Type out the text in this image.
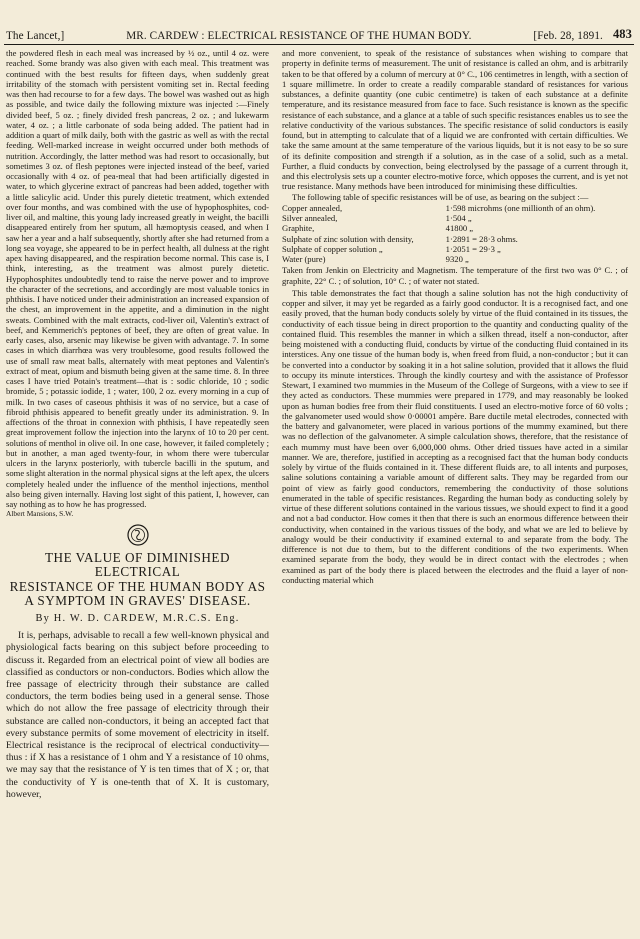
The Lancet,]	MR. CARDEW : ELECTRICAL RESISTANCE OF THE HUMAN BODY.	[Feb. 28, 1891. 483

the powdered flesh in each meal was increased by ½ oz., until 4 oz. were reached. Some brandy was also given with each meal. This treatment was continued with the best results for fifteen days, when suddenly great irritability of the stomach with persistent vomiting set in. Rectal feeding was then had recourse to for a few days. The bowel was washed out as high as possible, and twice daily the following mixture was injected :—Finely divided beef, 5 oz. ; finely divided fresh pancreas, 2 oz. ; and lukewarm water, 4 oz. ; a little carbonate of soda being added. The patient had in addition a quart of milk daily, both with the gastric as well as with the rectal feeding. Well-marked increase in weight occurred under both methods of nutrition. Accordingly, the latter method was had resort to occasionally, but sometimes 3 oz. of flesh peptones were injected instead of the beef, varied occasionally with 4 oz. of pea-meal that had been artificially digested in water, to which glycerine extract of pancreas had been added, together with a little salicylic acid. Under this purely dietetic treatment, which extended over four months, and was combined with the use of hypophosphites, cod-liver oil, and maltine, this young lady increased greatly in weight, the bacilli disappeared entirely from her sputum, all hæmoptysis ceased, and when I saw her a year and a half subsequently, shortly after she had returned from a long sea voyage, she appeared to be in perfect health, all dulness at the right apex having disappeared, and the respiration become normal. This case is, I think, interesting, as the treatment was almost purely dietetic. Hypophosphites undoubtedly tend to raise the nerve power and to improve the character of the secretions, and accordingly are most valuable tonics in phthisis. I have noticed under their administration an increased expansion of the chest, an improvement in the appetite, and a diminution in the night sweats. Combined with the malt extracts, cod-liver oil, Valentin's extract of beef, and Kemmerich's peptones of beef, they are often of great value. In early cases, also, arsenic may likewise be given with advantage. 7. In some cases in which diarrhœa was very troublesome, good results followed the use of small raw meat balls, alternately with meat peptones and Valentin's extract of meat, opium and bismuth being given at the same time. 8. In three cases I have tried Potain's treatment—that is : sodic chloride, 10 ; sodic bromide, 5 ; potassic iodide, 1 ; water, 100, 2 oz. every morning in a cup of milk. In two cases of caseous phthisis it was of no service, but a case of fibroid phthisis appeared to benefit greatly under its administration. 9. In affections of the throat in connexion with phthisis, I have repeatedly seen great improvement follow the injection into the larynx of 10 to 20 per cent. solutions of menthol in olive oil. In one case, however, it failed completely ; but in another, a man aged twenty-four, in whom there were tubercular ulcers in the larynx posteriorly, with tubercle bacilli in the sputum, and some slight alteration in the normal physical signs at the left apex, the ulcers completely healed under the influence of the menthol injections, menthol also being given internally. Having lost sight of this patient, I, however, can say nothing as to how he has progressed.

Albert Mansions, S.W.

THE VALUE OF DIMINISHED ELECTRICAL
RESISTANCE OF THE HUMAN BODY AS
A SYMPTOM IN GRAVES' DISEASE.
By H. W. D. CARDEW, M.R.C.S. Eng.

It is, perhaps, advisable to recall a few well-known physical and physiological facts bearing on this subject before proceeding to discuss it. Regarded from an electrical point of view all bodies are classified as conductors or non-conductors. Bodies which allow the free passage of electricity through their substance are called conductors, the term bodies being used in a general sense. Those which do not allow the free passage of electricity through their substance are called non-conductors, it being an accepted fact that every substance permits of some movement of electricity in itself. Electrical resistance is the reciprocal of electrical conductivity—thus : if X has a resistance of 1 ohm and Y a resistance of 10 ohms, we may say that the resistance of Y is ten times that of X ; or, that the conductivity of Y is one-tenth that of X. It is customary, however,

and more convenient, to speak of the resistance of substances when wishing to compare that property in definite terms of measurement. The unit of resistance is called an ohm, and is arbitrarily taken to be that offered by a column of mercury at 0° C., 106 centimetres in length, with a section of 1 square millimetre. In order to create a readily comparable standard of resistances for various substances, a definite quantity (one cubic centimetre) is taken of each substance at a definite temperature, and its resistance measured from face to face. Such resistance is known as the specific resistance of each substance, and a glance at a table of such specific resistances enables us to see the relative conductivity of the various substances. The specific resistance of solid conductors is easily found, but in attempting to calculate that of a liquid we are confronted with certain difficulties. We take the same amount at the same temperature of the various liquids, but it is not easy to be so sure of its definite composition and strength if a solution, as in the case of a solid, such as a metal. Further, a fluid conducts by convection, being electrolysed by the passage of a current through it, and this electrolysis sets up a counter electro-motive force, which opposes the current, and is yet not true resistance. Many methods have been introduced for minimising these difficulties.

The following table of specific resistances will be of use, as bearing on the subject :—

Copper annealed,	1·598 microhms (one millionth of an ohm).
Silver annealed,	1·504 „
Graphite,	41800 „
Sulphate of zinc solution with density,	1·2891 = 28·3 ohms.
Sulphate of copper solution „	1·2051 = 29·3 „
Water (pure)	9320 „

Taken from Jenkin on Electricity and Magnetism. The temperature of the first two was 0° C. ; of graphite, 22° C. ; of solution, 10° C. ; of water not stated.

This table demonstrates the fact that though a saline solution has not the high conductivity of copper and silver, it may yet be regarded as a fairly good conductor. It is a recognised fact, and one easily proved, that the human body conducts solely by virtue of the fluid contained in its tissues, the conductivity of each tissue being in direct proportion to the quantity and conducting quality of the contained fluid. This resembles the manner in which a silken thread, itself a non-conductor, after being moistened with a conducting fluid, conducts by virtue of the conducting fluid contained in its interstices. Any one tissue of the human body is, when freed from fluid, a non-conductor ; but it can be converted into a conductor by soaking it in a hot saline solution, provided that it allows the fluid to occupy its minute interstices. Through the kindly courtesy and with the assistance of Professor Stewart, I examined two mummies in the Museum of the College of Surgeons, with a view to see if they acted as conductors. These mummies were prepared in 1779, and may reasonably be looked upon as human bodies free from their fluid constituents. I used an electro-motive force of 60 volts ; the galvanometer used would show 0·00001 ampère. Bare ductile metal electrodes, connected with the battery and galvanometer, were placed in various portions of the mummy examined, but there was no deflection of the galvanometer. A simple calculation shows, therefore, that the resistance of each mummy must have been over 6,000,000 ohms. Other dried tissues have acted in a similar manner. We are, therefore, justified in accepting as a recognised fact that the human body conducts solely by virtue of the fluids contained in it. These different fluids are, to all intents and purposes, saline solutions containing a variable amount of different salts. They may be regarded from our point of view as fairly good conductors, remembering the conductivity of those solutions enumerated in the table of specific resistances. Regarding the human body as conducting solely by virtue of these different solutions contained in the various tissues, we should expect to find it a good and not a bad conductor. How comes it then that there is such an enormous difference between their conductivity, when contained in the various tissues of the body, and what we are led to believe by analogy would be their conductivity if examined external to and separate from the body. The difference is not due to them, but to the different conditions of the two experiments. When examined separate from the body, they would be in direct contact with the electrodes ; when examined as part of the body there is placed between the electrodes and the fluid a layer of non-conducting material which
